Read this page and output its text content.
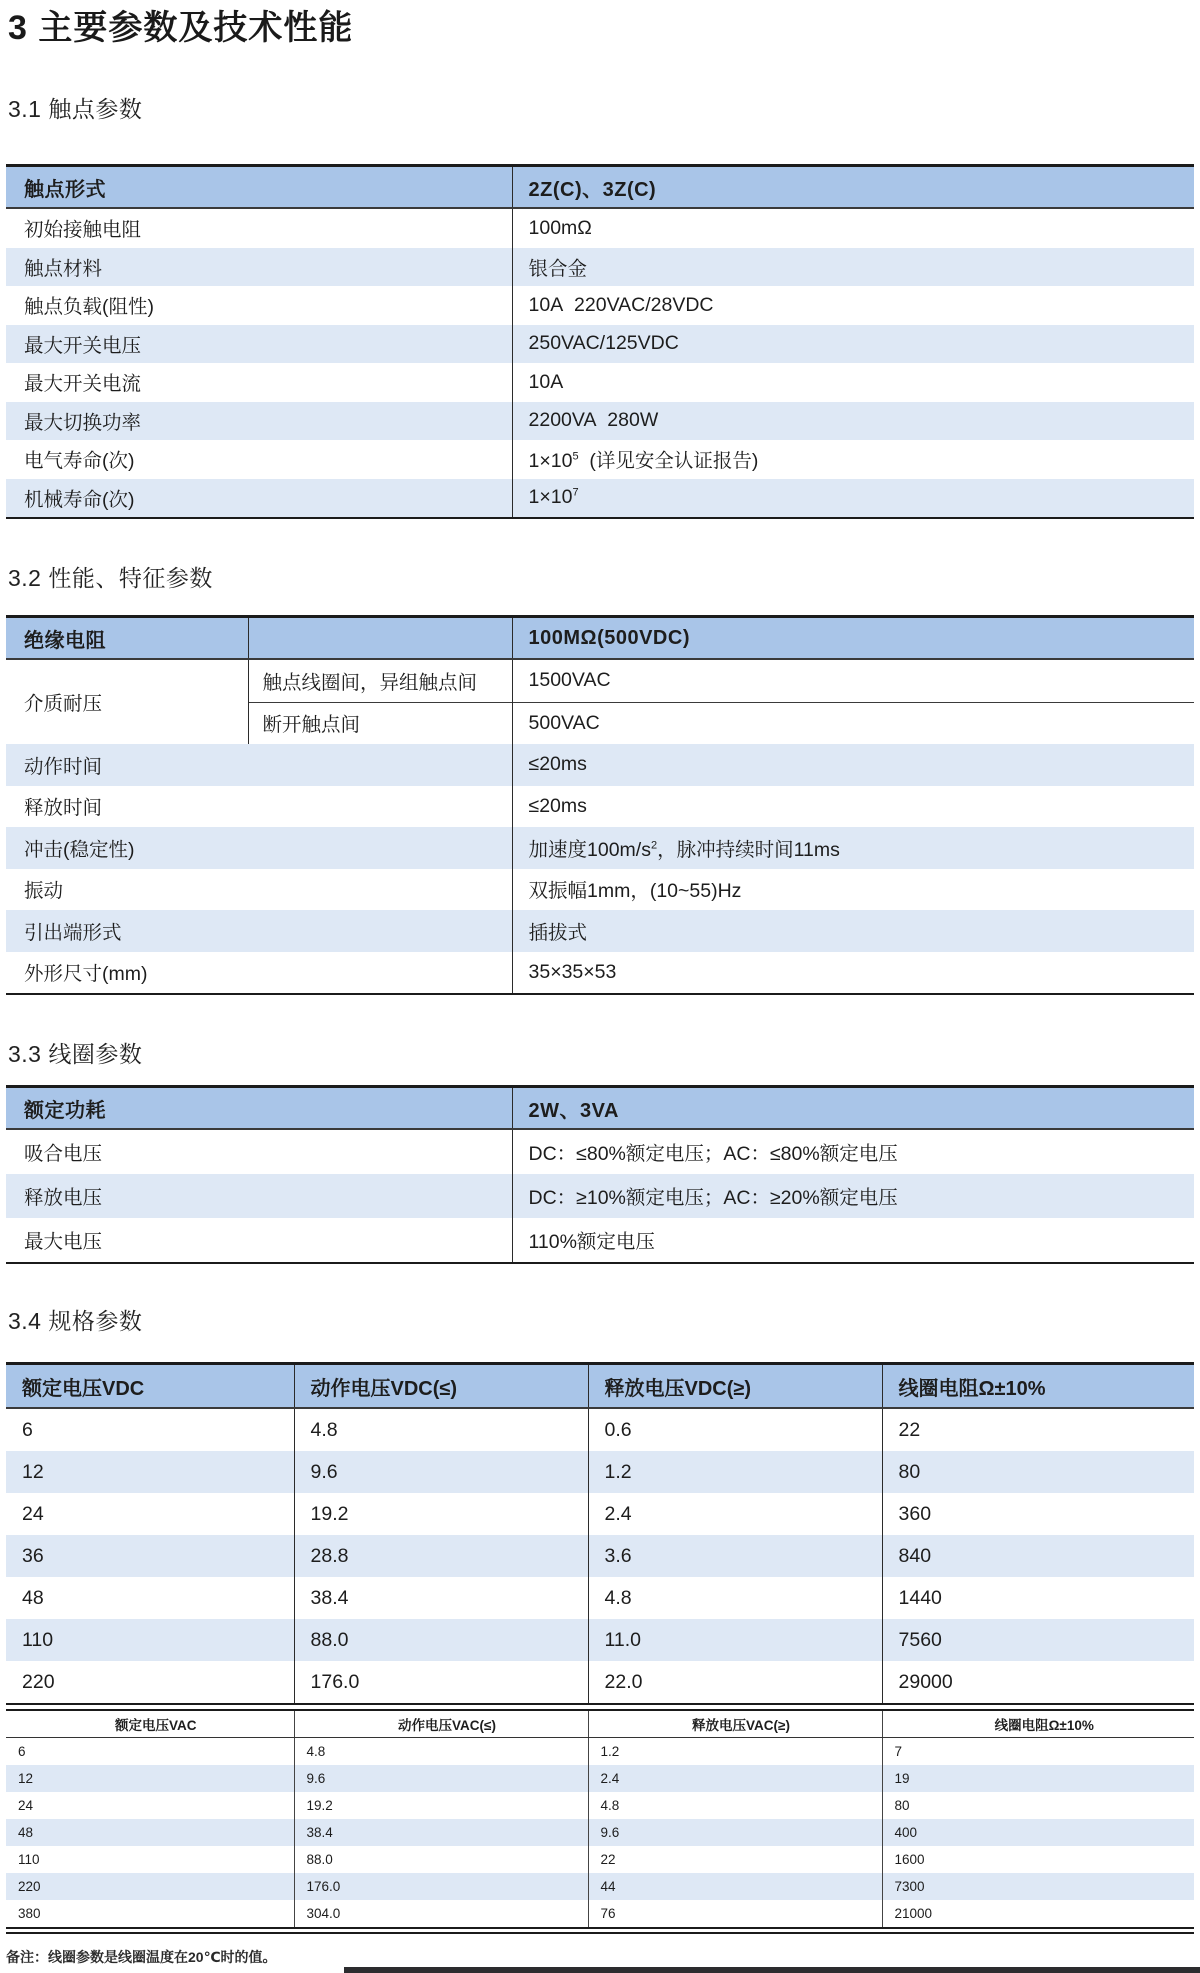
3 主要参数及技术性能
3.1 触点参数
触点形式	2Z(C)、3Z(C)
初始接触电阻	100mΩ
触点材料	银合金
触点负载(阻性)	10A  220VAC/28VDC
最大开关电压	250VAC/125VDC
最大开关电流	10A
最大切换功率	2200VA  280W
电气寿命(次)	$1\times 10^5$  (详见安全认证报告)
机械寿命(次)	$1\times 10^7$
3.2 性能、特征参数
绝缘电阻		100MΩ(500VDC)
介质耐压	触点线圈间，异组触点间	1500VAC
	断开触点间	500VAC
动作时间		≤20ms
释放时间		≤20ms
冲击(稳定性)		加速度$100m/s^2$，脉冲持续时间11ms
振动		双振幅1mm，(10~55)Hz
引出端形式		插拔式
外形尺寸(mm)		35×35×53
3.3 线圈参数
额定功耗	2W、3VA
吸合电压	DC：≤80%额定电压；AC：≤80%额定电压
释放电压	DC：≥10%额定电压；AC：≥20%额定电压
最大电压	110%额定电压
3.4 规格参数
额定电压VDC	动作电压VDC(≤)	释放电压VDC(≥)	线圈电阻Ω±10%
6	4.8	0.6	22
12	9.6	1.2	80
24	19.2	2.4	360
36	28.8	3.6	840
48	38.4	4.8	1440
110	88.0	11.0	7560
220	176.0	22.0	29000
额定电压VAC	动作电压VAC(≤)	释放电压VAC(≥)	线圈电阻Ω±10%
6	4.8	1.2	7
12	9.6	2.4	19
24	19.2	4.8	80
48	38.4	9.6	400
110	88.0	22	1600
220	176.0	44	7300
380	304.0	76	21000
备注：线圈参数是线圈温度在20℃时的值。
